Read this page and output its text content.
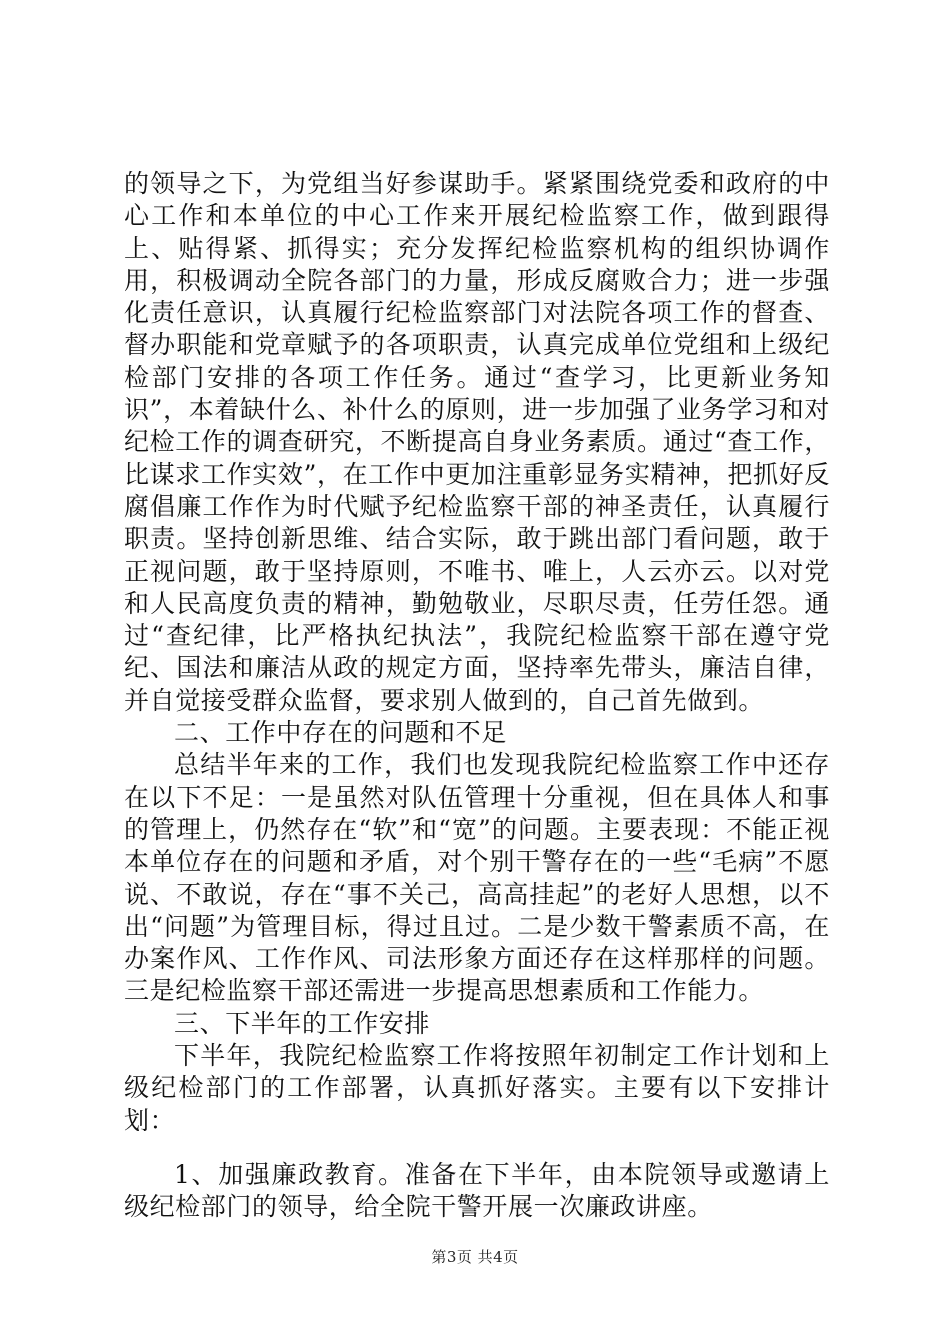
的领导之下，为党组当好参谋助手。紧紧围绕党委和政府的中心工作和本单位的中心工作来开展纪检监察工作，做到跟得上、贴得紧、抓得实；充分发挥纪检监察机构的组织协调作用，积极调动全院各部门的力量，形成反腐败合力；进一步强化责任意识，认真履行纪检监察部门对法院各项工作的督查、督办职能和党章赋予的各项职责，认真完成单位党组和上级纪检部门安排的各项工作任务。通过“查学习，比更新业务知识”，本着缺什么、补什么的原则，进一步加强了业务学习和对纪检工作的调查研究，不断提高自身业务素质。通过“查工作，比谋求工作实效”，在工作中更加注重彰显务实精神，把抓好反腐倡廉工作作为时代赋予纪检监察干部的神圣责任，认真履行职责。坚持创新思维、结合实际，敢于跳出部门看问题，敢于正视问题，敢于坚持原则，不唯书、唯上，人云亦云。以对党和人民高度负责的精神，勤勉敬业，尽职尽责，任劳任怨。通过“查纪律，比严格执纪执法”，我院纪检监察干部在遵守党纪、国法和廉洁从政的规定方面，坚持率先带头，廉洁自律，并自觉接受群众监督，要求别人做到的，自己首先做到。

二、工作中存在的问题和不足

总结半年来的工作，我们也发现我院纪检监察工作中还存在以下不足：一是虽然对队伍管理十分重视，但在具体人和事的管理上，仍然存在“软”和“宽”的问题。主要表现：不能正视本单位存在的问题和矛盾，对个别干警存在的一些“毛病”不愿说、不敢说，存在“事不关己，高高挂起”的老好人思想，以不出“问题”为管理目标，得过且过。二是少数干警素质不高，在办案作风、工作作风、司法形象方面还存在这样那样的问题。三是纪检监察干部还需进一步提高思想素质和工作能力。

三、下半年的工作安排

下半年，我院纪检监察工作将按照年初制定工作计划和上级纪检部门的工作部署，认真抓好落实。主要有以下安排计划：

1、加强廉政教育。准备在下半年，由本院领导或邀请上级纪检部门的领导，给全院干警开展一次廉政讲座。

第3页 共4页
